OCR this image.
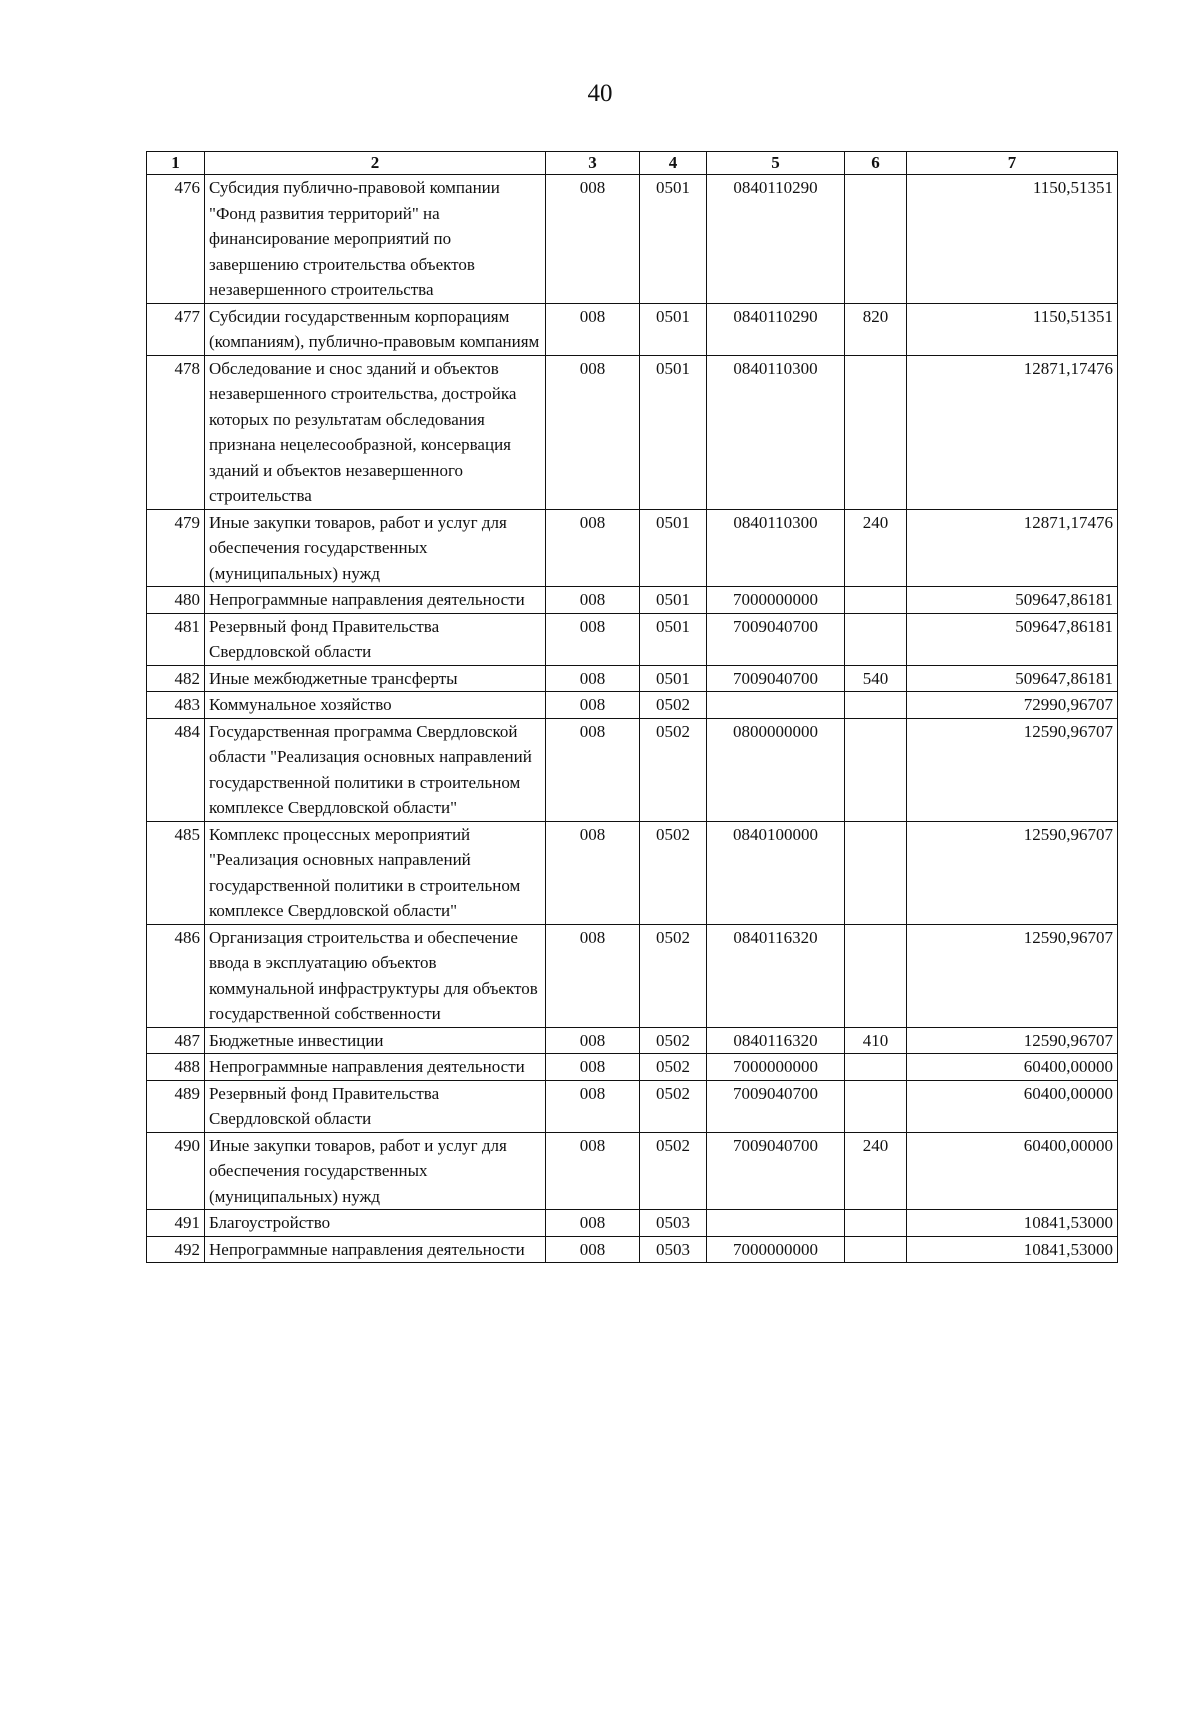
40
1	2	3	4	5	6	7
476	Субсидия публично-правовой компании "Фонд развития территорий" на финансирование мероприятий по завершению строительства объектов незавершенного строительства	008	0501	0840110290		1150,51351
477	Субсидии государственным корпорациям (компаниям), публично-правовым компаниям	008	0501	0840110290	820	1150,51351
478	Обследование и снос зданий и объектов незавершенного строительства, достройка которых по результатам обследования признана нецелесообразной, консервация зданий и объектов незавершенного строительства	008	0501	0840110300		12871,17476
479	Иные закупки товаров, работ и услуг для обеспечения государственных (муниципальных) нужд	008	0501	0840110300	240	12871,17476
480	Непрограммные направления деятельности	008	0501	7000000000		509647,86181
481	Резервный фонд Правительства Свердловской области	008	0501	7009040700		509647,86181
482	Иные межбюджетные трансферты	008	0501	7009040700	540	509647,86181
483	Коммунальное хозяйство	008	0502			72990,96707
484	Государственная программа Свердловской области "Реализация основных направлений государственной политики в строительном комплексе Свердловской области"	008	0502	0800000000		12590,96707
485	Комплекс процессных мероприятий "Реализация основных направлений государственной политики в строительном комплексе Свердловской области"	008	0502	0840100000		12590,96707
486	Организация строительства и обеспечение ввода в эксплуатацию объектов коммунальной инфраструктуры для объектов государственной собственности	008	0502	0840116320		12590,96707
487	Бюджетные инвестиции	008	0502	0840116320	410	12590,96707
488	Непрограммные направления деятельности	008	0502	7000000000		60400,00000
489	Резервный фонд Правительства Свердловской области	008	0502	7009040700		60400,00000
490	Иные закупки товаров, работ и услуг для обеспечения государственных (муниципальных) нужд	008	0502	7009040700	240	60400,00000
491	Благоустройство	008	0503			10841,53000
492	Непрограммные направления деятельности	008	0503	7000000000		10841,53000
